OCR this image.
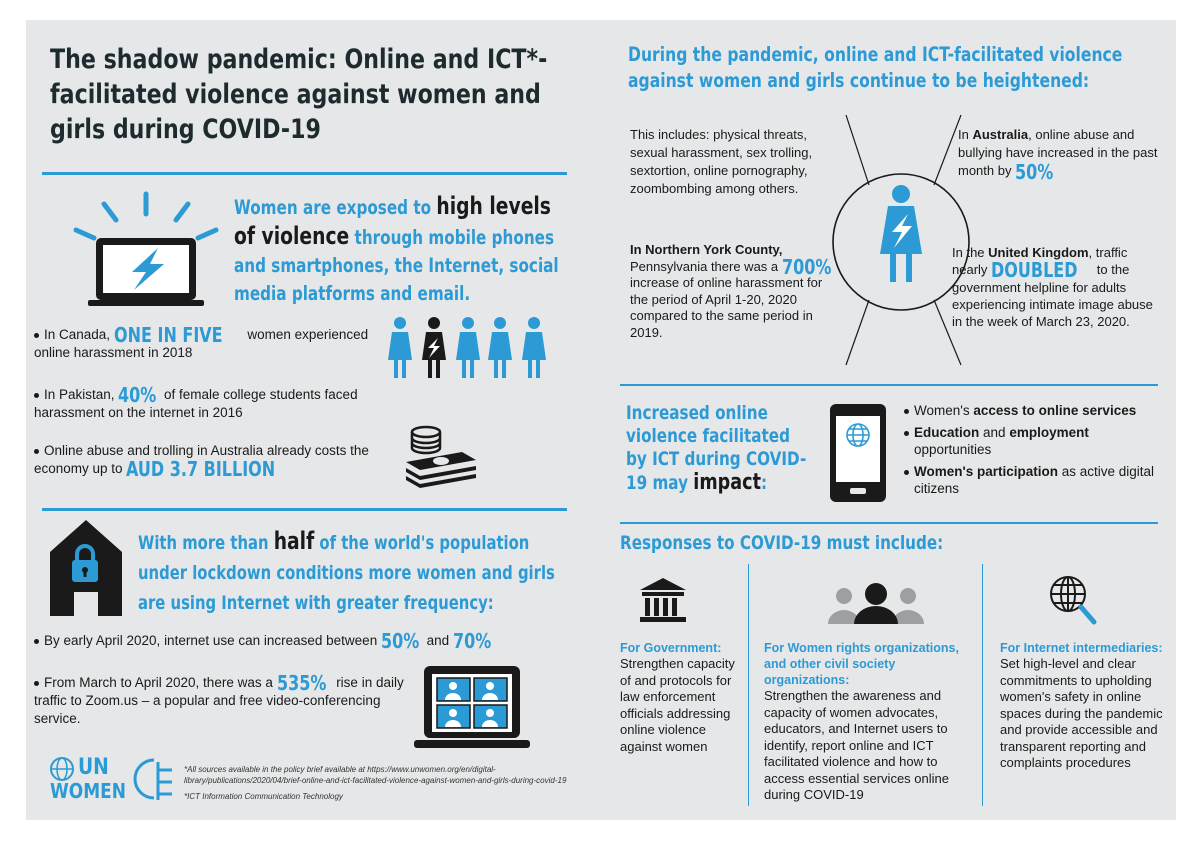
The shadow pandemic: Online and ICT*-facilitated violence against women and girls during COVID-19
Women are exposed to high levels of violence through mobile phones and smartphones, the Internet, social media platforms and email.
In Canada, ONE IN FIVE women experienced online harassment in 2018
In Pakistan, 40% of female college students faced harassment on the internet in 2016
Online abuse and trolling in Australia already costs the economy up to AUD 3.7 BILLION
With more than half of the world's population under lockdown conditions more women and girls are using Internet with greater frequency:
By early April 2020, internet use can increased between 50% and 70%
From March to April 2020, there was a 535% rise in daily traffic to Zoom.us – a popular and free video-conferencing service.
UN
WOMEN
*All sources available in the policy brief available at https://www.unwomen.org/en/digital-library/publications/2020/04/brief-online-and-ict-facilitated-violence-against-women-and-girls-during-covid-19
*ICT Information Communication Technology
During the pandemic, online and ICT-facilitated violence against women and girls continue to be heightened:
This includes: physical threats, sexual harassment, sex trolling, sextortion, online pornography, zoombombing among others.
In Australia, online abuse and bullying have increased in the past month by 50%
In Northern York County, Pennsylvania there was a 700% increase of online harassment for the period of April 1-20, 2020 compared to the same period in 2019.
In the United Kingdom, traffic nearly DOUBLED to the government helpline for adults experiencing intimate image abuse in the week of March 23, 2020.
Increased online violence facilitated by ICT during COVID-19 may impact:
Women's access to online services
Education and employment opportunities
Women's participation as active digital citizens
Responses to COVID-19 must include:
For Government:
Strengthen capacity of and protocols for law enforcement officials addressing online violence against women
For Women rights organizations, and other civil society organizations:
Strengthen the awareness and capacity of women advocates, educators, and Internet users to identify, report online and ICT facilitated violence and how to access essential services online during COVID-19
For Internet intermediaries:
Set high-level and clear commitments to upholding women's safety in online spaces during the pandemic and provide accessible and transparent reporting and complaints procedures
